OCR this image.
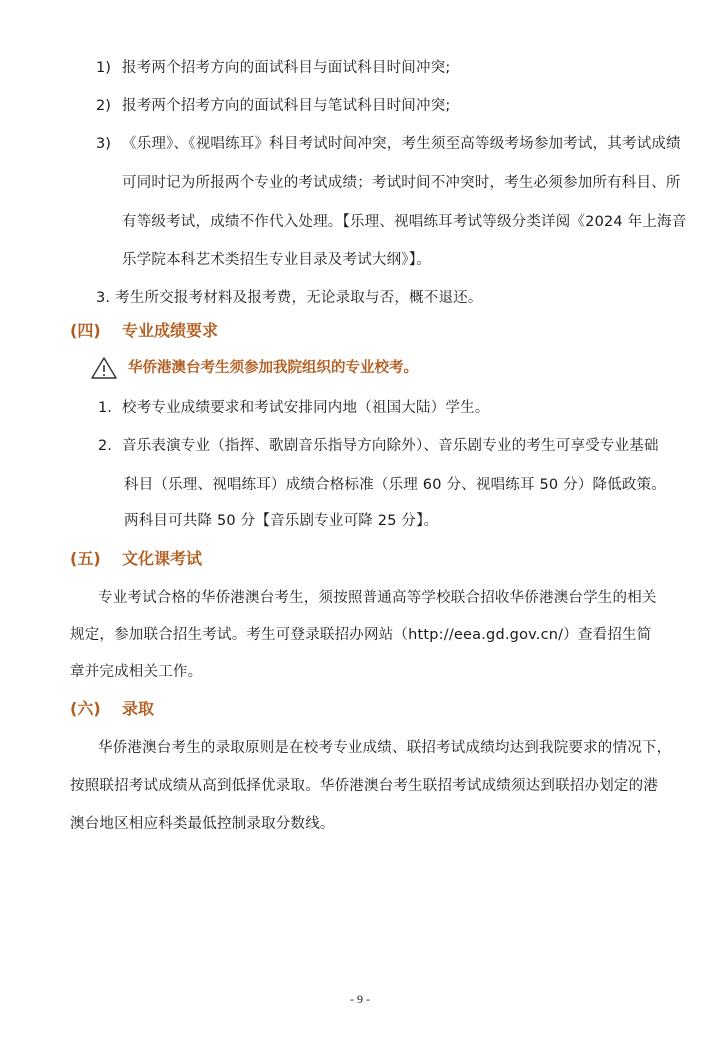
1) 报考两个招考方向的面试科目与面试科目时间冲突;
2) 报考两个招考方向的面试科目与笔试科目时间冲突;
3) 《乐理》、《视唱练耳》科目考试时间冲突，考生须至高等级考场参加考试，其考试成绩
可同时记为所报两个专业的考试成绩；考试时间不冲突时，考生必须参加所有科目、所
有等级考试，成绩不作代入处理。【乐理、视唱练耳考试等级分类详阅《2024 年上海音
乐学院本科艺术类招生专业目录及考试大纲》】。
3. 考生所交报考材料及报考费，无论录取与否，概不退还。
(四) 专业成绩要求
华侨港澳台考生须参加我院组织的专业校考。
1. 校考专业成绩要求和考试安排同内地（祖国大陆）学生。
2. 音乐表演专业（指挥、歌剧音乐指导方向除外）、音乐剧专业的考生可享受专业基础
科目（乐理、视唱练耳）成绩合格标准（乐理 60 分、视唱练耳 50 分）降低政策。
两科目可共降 50 分【音乐剧专业可降 25 分】。
(五) 文化课考试
专业考试合格的华侨港澳台考生，须按照普通高等学校联合招收华侨港澳台学生的相关
规定，参加联合招生考试。考生可登录联招办网站（http://eea.gd.gov.cn/）查看招生简
章并完成相关工作。
(六) 录取
华侨港澳台考生的录取原则是在校考专业成绩、联招考试成绩均达到我院要求的情况下，
按照联招考试成绩从高到低择优录取。华侨港澳台考生联招考试成绩须达到联招办划定的港
澳台地区相应科类最低控制录取分数线。
- 9 -
